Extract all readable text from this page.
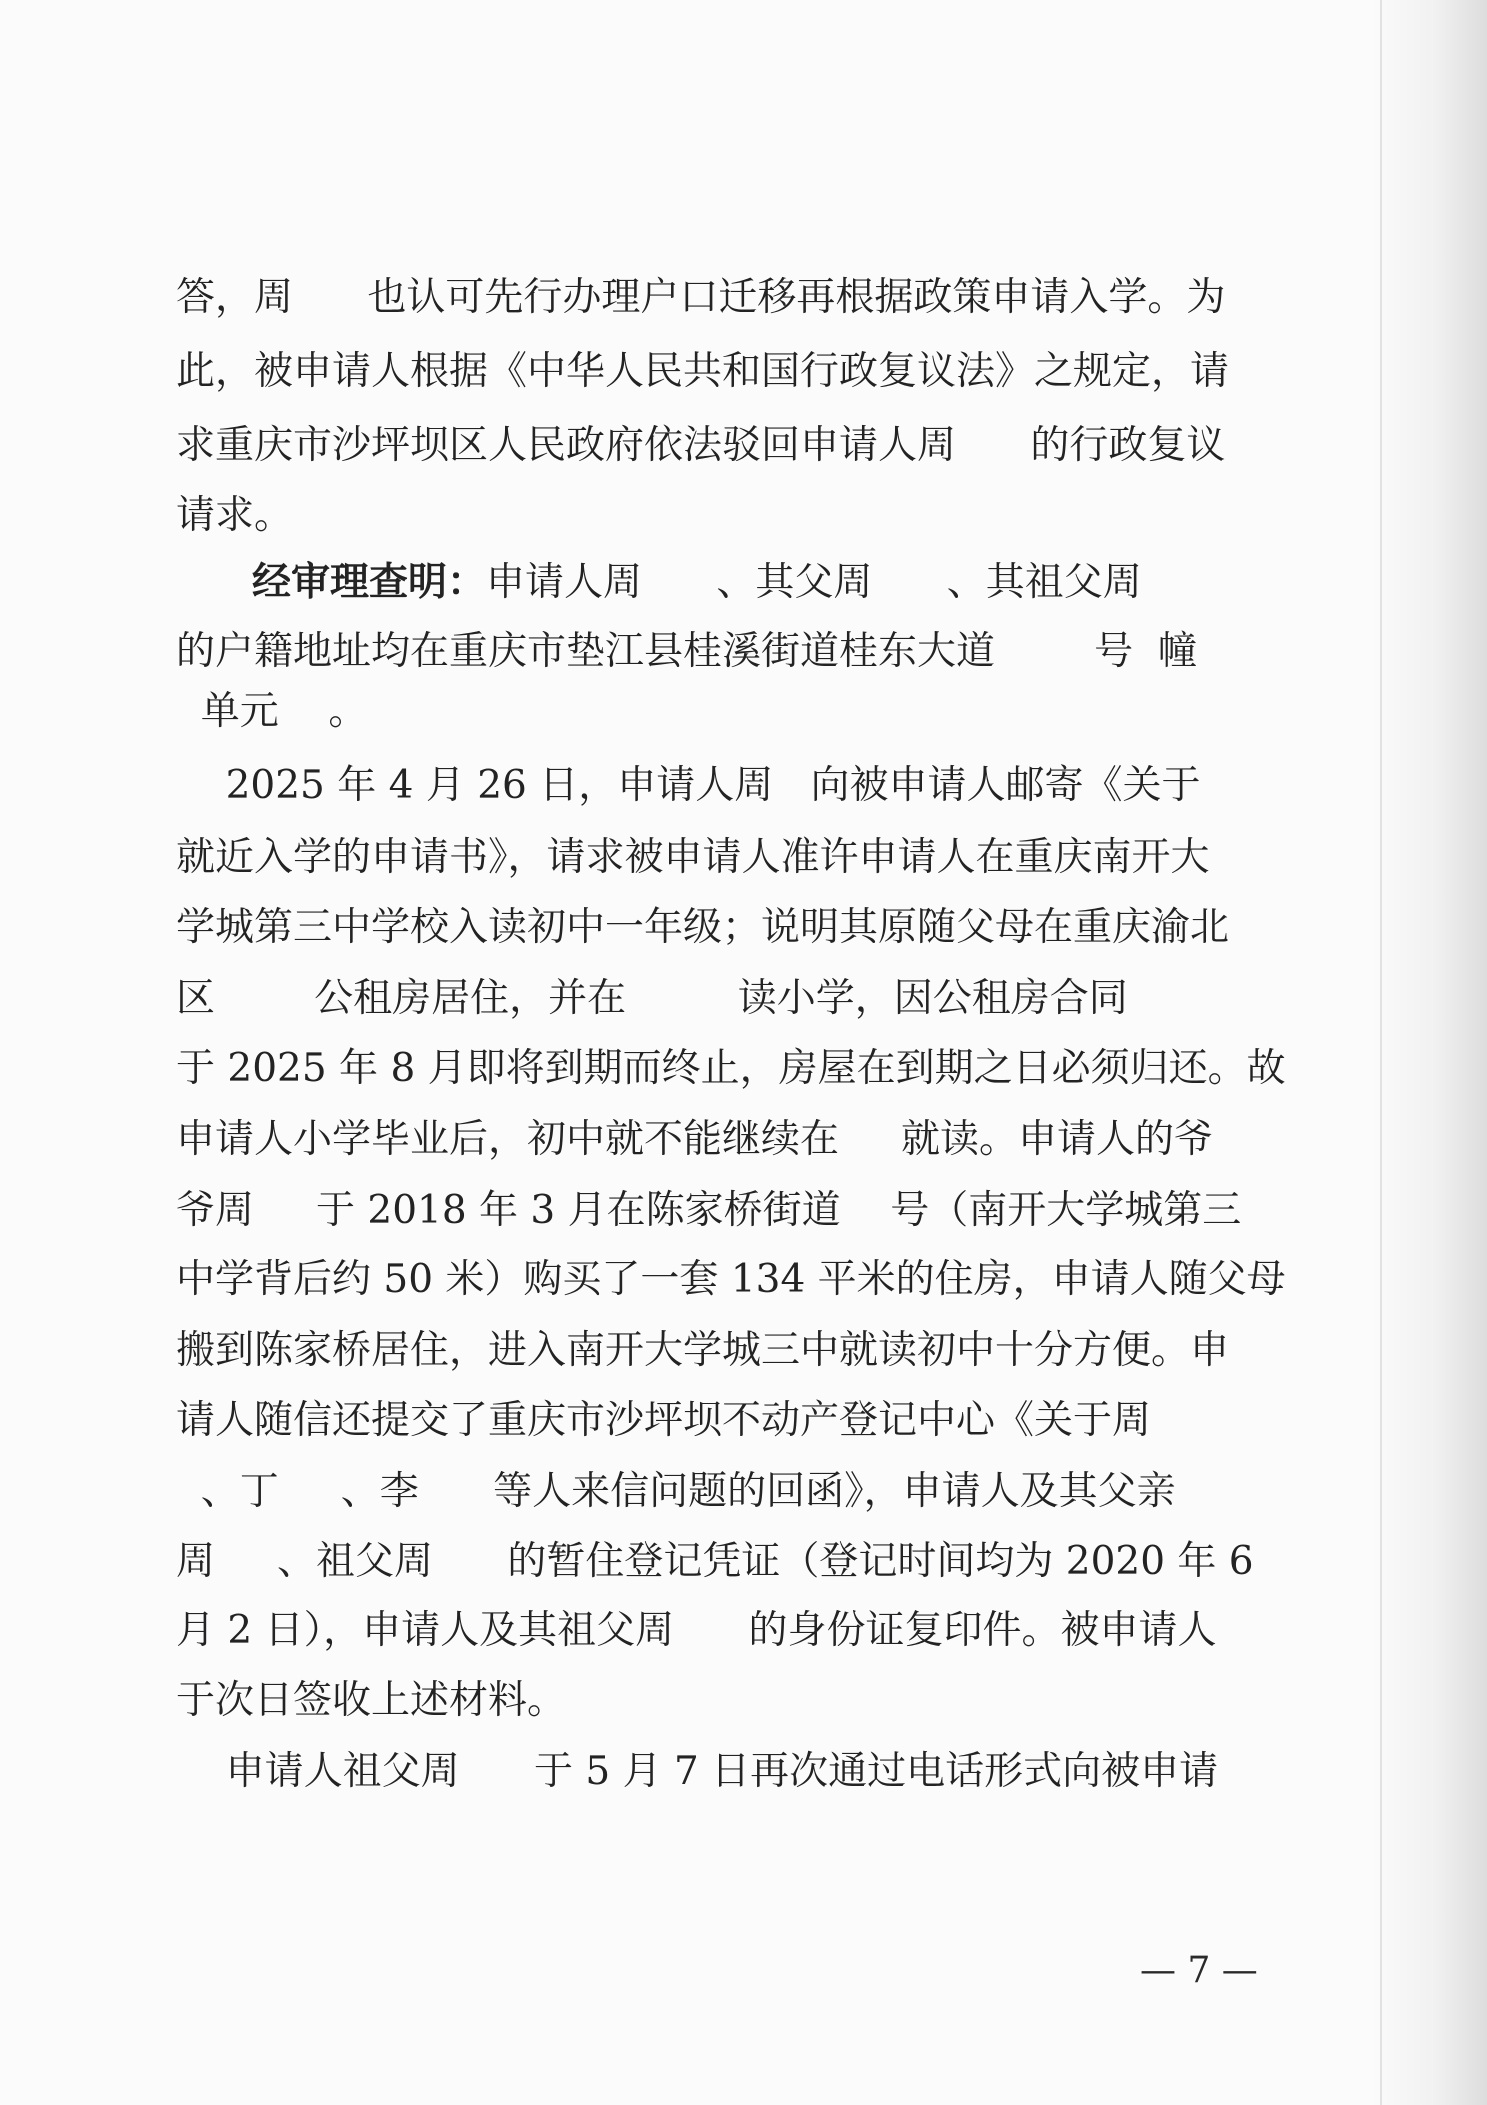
答，周      也认可先行办理户口迁移再根据政策申请入学。为
此，被申请人根据《中华人民共和国行政复议法》之规定，请
求重庆市沙坪坝区人民政府依法驳回申请人周      的行政复议
请求。
经审理查明：申请人周      、其父周      、其祖父周
的户籍地址均在重庆市垫江县桂溪街道桂东大道        号  幢
单元    。
2025 年 4 月 26 日，申请人周   向被申请人邮寄《关于
就近入学的申请书》，请求被申请人准许申请人在重庆南开大
学城第三中学校入读初中一年级；说明其原随父母在重庆渝北
区        公租房居住，并在         读小学，因公租房合同
于 2025 年 8 月即将到期而终止，房屋在到期之日必须归还。故
申请人小学毕业后，初中就不能继续在     就读。申请人的爷
爷周     于 2018 年 3 月在陈家桥街道    号（南开大学城第三
中学背后约 50 米）购买了一套 134 平米的住房，申请人随父母
搬到陈家桥居住，进入南开大学城三中就读初中十分方便。申
请人随信还提交了重庆市沙坪坝不动产登记中心《关于周
、丁     、李      等人来信问题的回函》，申请人及其父亲
周     、祖父周      的暂住登记凭证（登记时间均为 2020 年 6
月 2 日），申请人及其祖父周      的身份证复印件。被申请人
于次日签收上述材料。
申请人祖父周      于 5 月 7 日再次通过电话形式向被申请
— 7 —
